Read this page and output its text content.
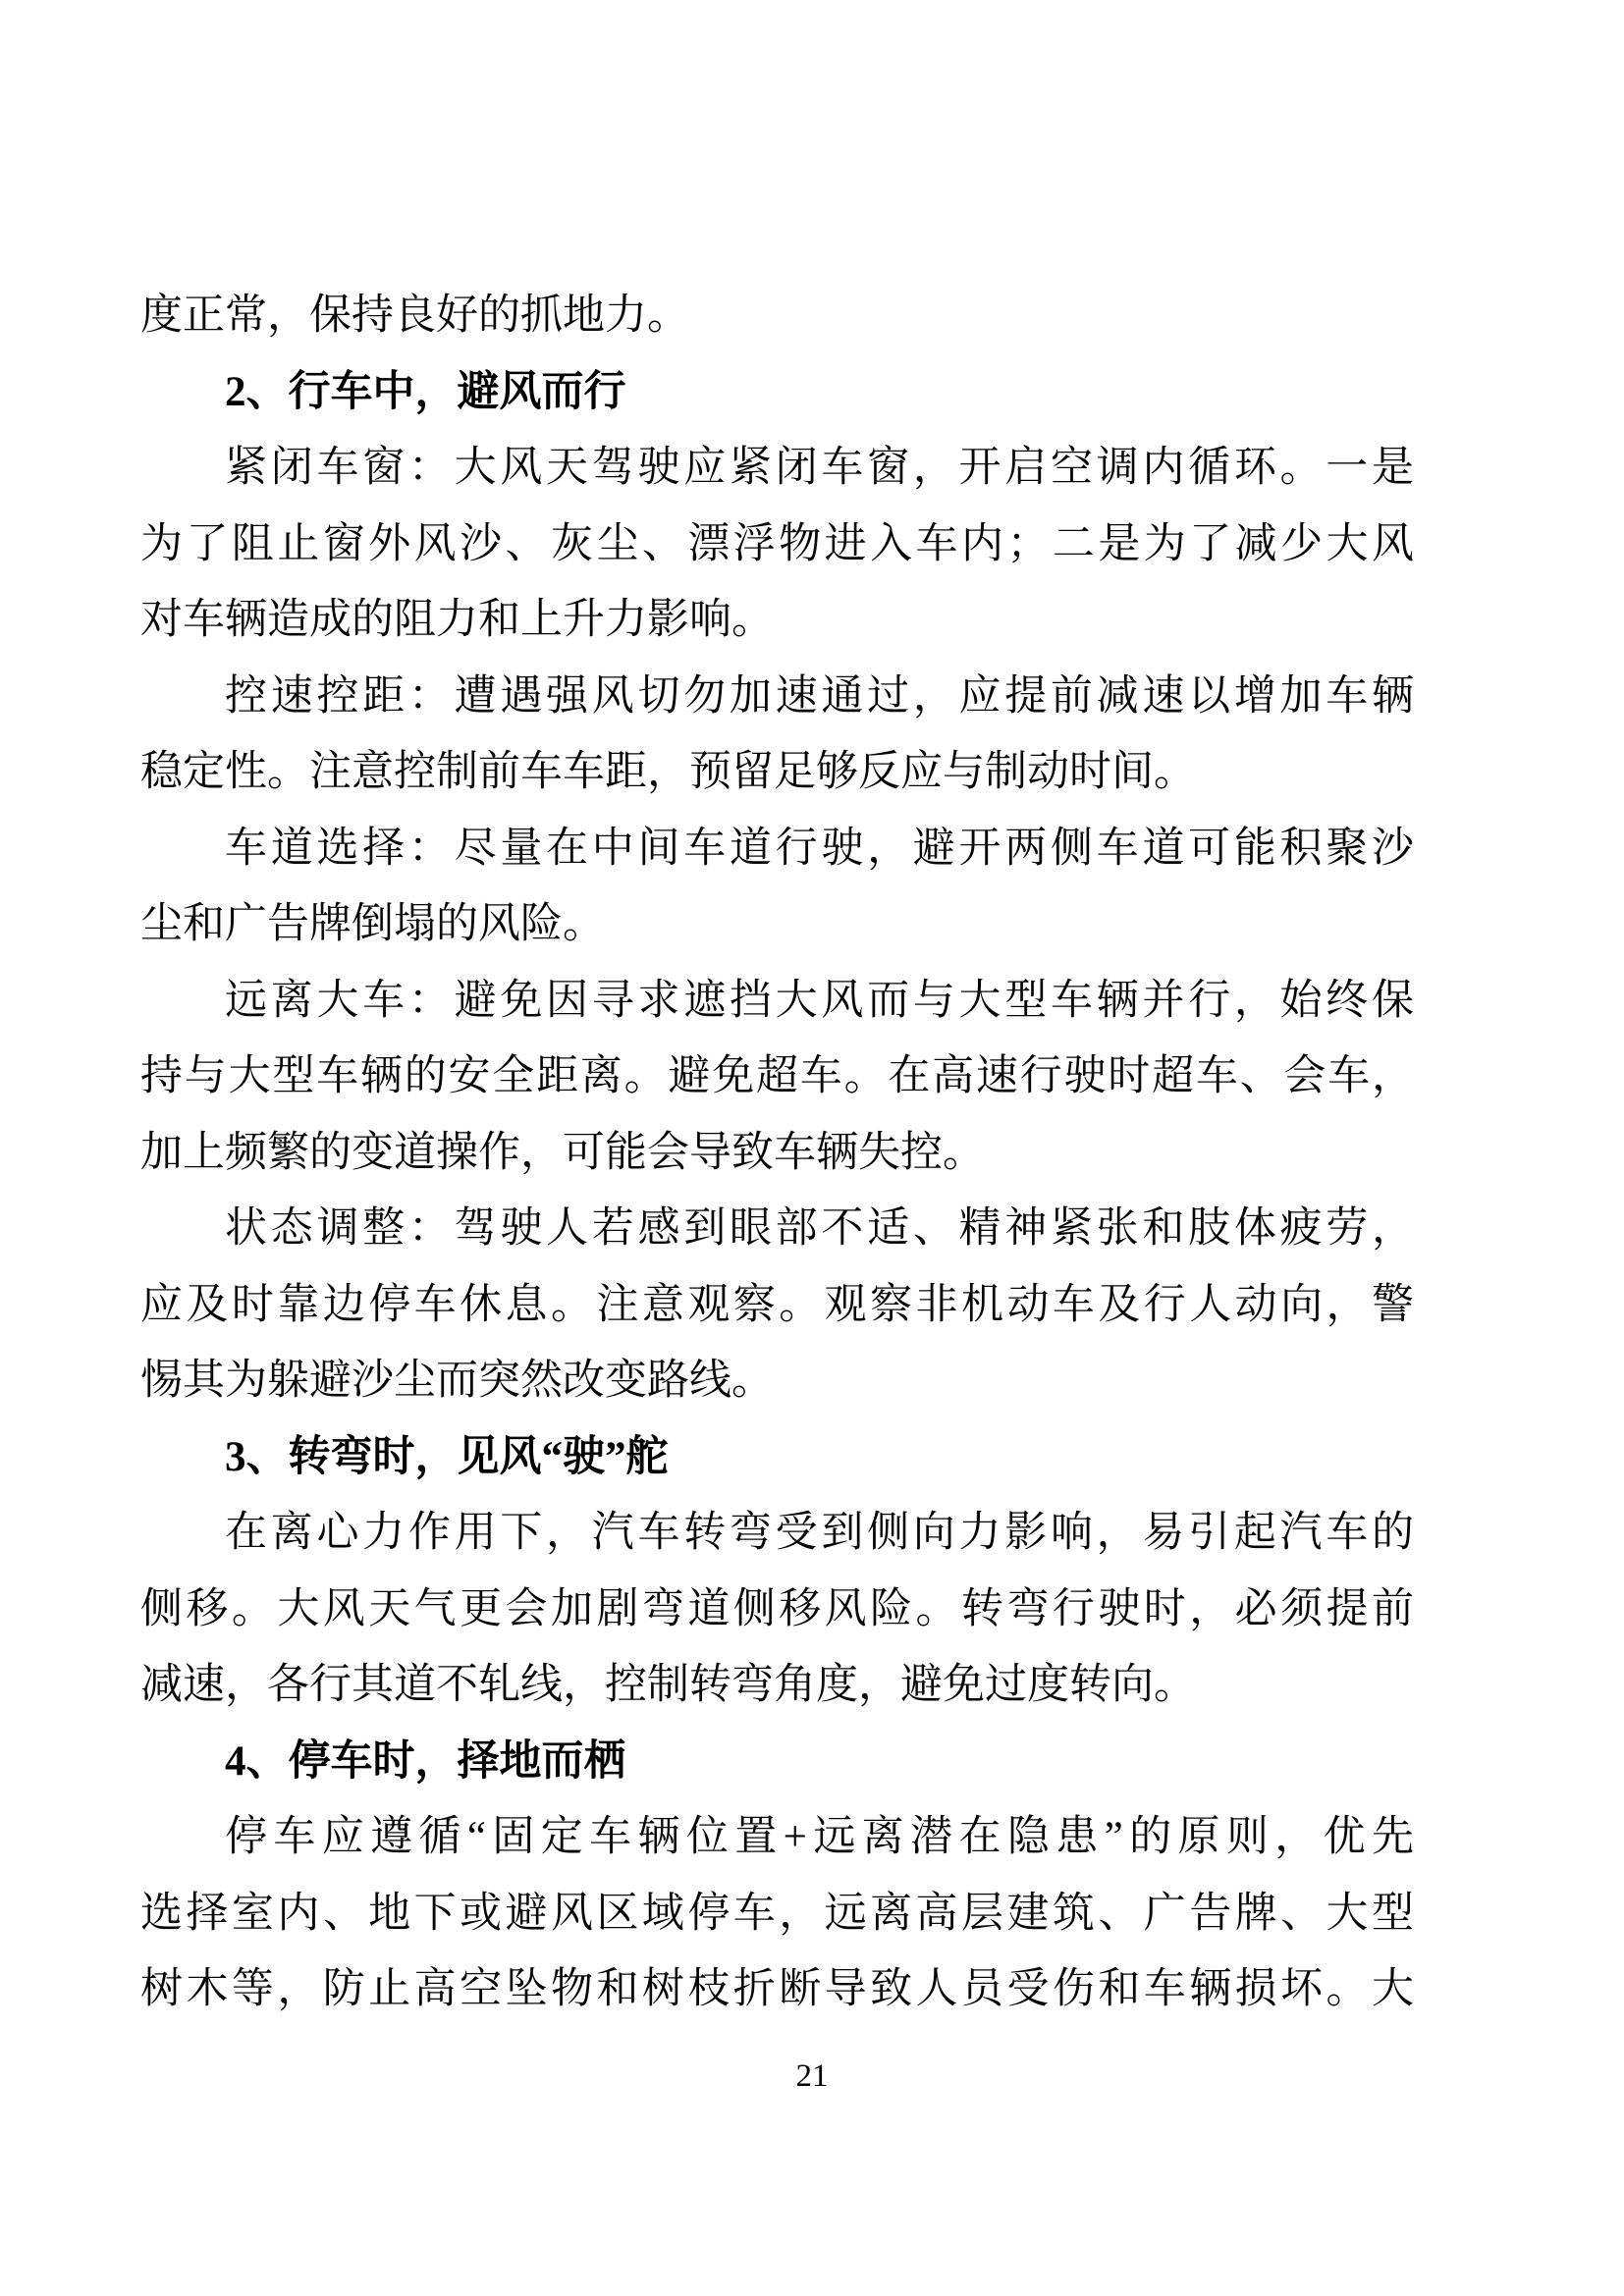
度正常，保持良好的抓地力。
2、行车中，避风而行
紧闭车窗：大风天驾驶应紧闭车窗，开启空调内循环。一是
为了阻止窗外风沙、灰尘、漂浮物进入车内；二是为了减少大风
对车辆造成的阻力和上升力影响。
控速控距：遭遇强风切勿加速通过，应提前减速以增加车辆
稳定性。注意控制前车车距，预留足够反应与制动时间。
车道选择：尽量在中间车道行驶，避开两侧车道可能积聚沙
尘和广告牌倒塌的风险。
远离大车：避免因寻求遮挡大风而与大型车辆并行，始终保
持与大型车辆的安全距离。避免超车。在高速行驶时超车、会车，
加上频繁的变道操作，可能会导致车辆失控。
状态调整：驾驶人若感到眼部不适、精神紧张和肢体疲劳，
应及时靠边停车休息。注意观察。观察非机动车及行人动向，警
惕其为躲避沙尘而突然改变路线。
3、转弯时，见风“驶”舵
在离心力作用下，汽车转弯受到侧向力影响，易引起汽车的
侧移。大风天气更会加剧弯道侧移风险。转弯行驶时，必须提前
减速，各行其道不轧线，控制转弯角度，避免过度转向。
4、停车时，择地而栖
停车应遵循“固定车辆位置+远离潜在隐患”的原则，优先
选择室内、地下或避风区域停车，远离高层建筑、广告牌、大型
树木等，防止高空坠物和树枝折断导致人员受伤和车辆损坏。大
21
